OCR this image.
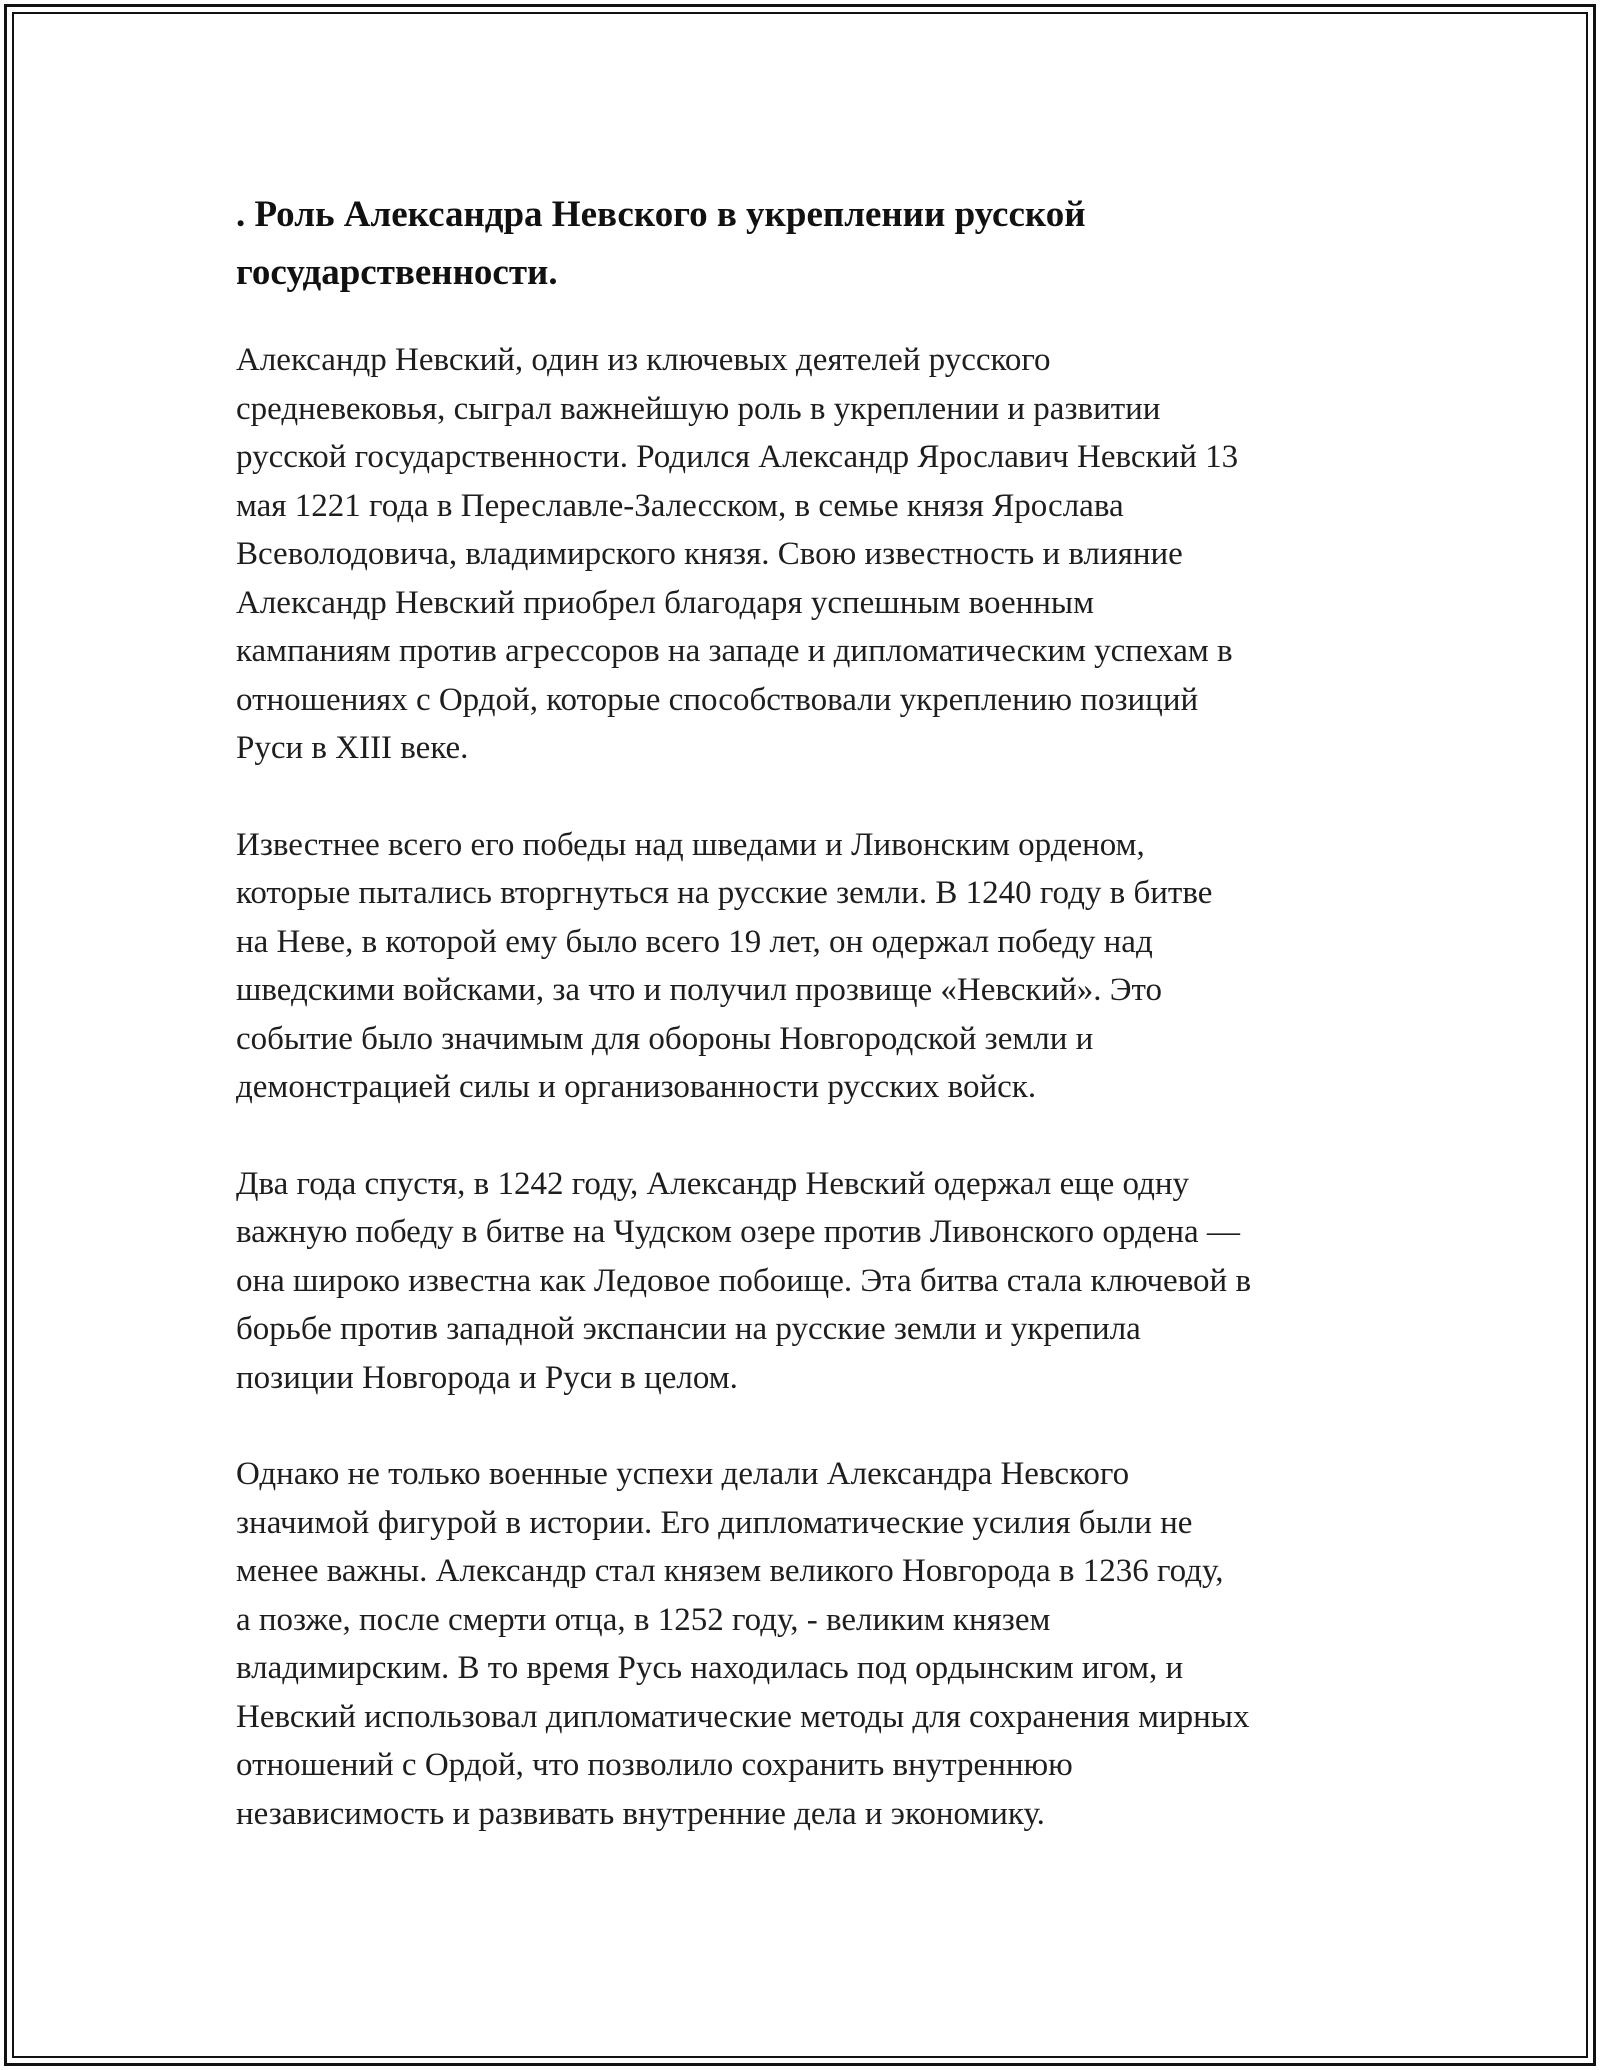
. Роль Александра Невского в укреплении русской
государственности.

Александр Невский, один из ключевых деятелей русского
средневековья, сыграл важнейшую роль в укреплении и развитии
русской государственности. Родился Александр Ярославич Невский 13
мая 1221 года в Переславле-Залесском, в семье князя Ярослава
Всеволодовича, владимирского князя. Свою известность и влияние
Александр Невский приобрел благодаря успешным военным
кампаниям против агрессоров на западе и дипломатическим успехам в
отношениях с Ордой, которые способствовали укреплению позиций
Руси в XIII веке.

Известнее всего его победы над шведами и Ливонским орденом,
которые пытались вторгнуться на русские земли. В 1240 году в битве
на Неве, в которой ему было всего 19 лет, он одержал победу над
шведскими войсками, за что и получил прозвище «Невский». Это
событие было значимым для обороны Новгородской земли и
демонстрацией силы и организованности русских войск.

Два года спустя, в 1242 году, Александр Невский одержал еще одну
важную победу в битве на Чудском озере против Ливонского ордена —
она широко известна как Ледовое побоище. Эта битва стала ключевой в
борьбе против западной экспансии на русские земли и укрепила
позиции Новгорода и Руси в целом.

Однако не только военные успехи делали Александра Невского
значимой фигурой в истории. Его дипломатические усилия были не
менее важны. Александр стал князем великого Новгорода в 1236 году,
а позже, после смерти отца, в 1252 году, - великим князем
владимирским. В то время Русь находилась под ордынским игом, и
Невский использовал дипломатические методы для сохранения мирных
отношений с Ордой, что позволило сохранить внутреннюю
независимость и развивать внутренние дела и экономику.
